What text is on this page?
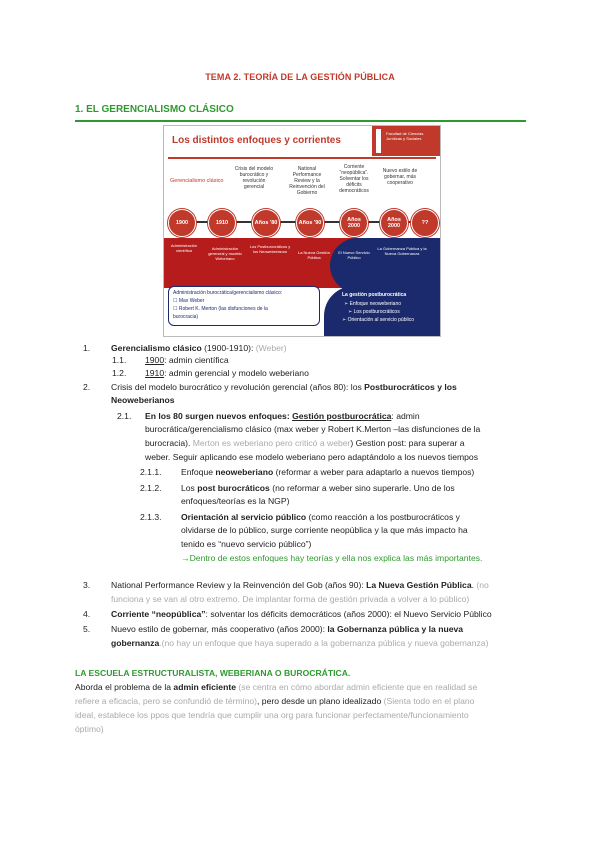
TEMA 2. TEORÍA DE LA GESTIÓN PÚBLICA
1. EL GERENCIALISMO CLÁSICO
Los distintos enfoques y corrientes
Facultad de Ciencias Jurídicas y Sociales
Crisis del modelo burocrático y revolución gerencial
National Performance Review y la Reinvención del Gobierno
Corriente “neopública”. Solventar los déficits democráticos
Nuevo estilo de gobernar, más cooperativo
Gerencialismo clásico
1900	1910	Años '80	Años '90	Años 2000
Años 2000	??
Administración científica	Administración gerencial y modelo Weberiano
Los Postburocráticos y los Neoweberianos	La Nueva Gestión Pública
El Nuevo Servicio Público
La Gobernanza Pública y la Nueva Gobernanza
Administración burocrática/gerencialismo clásico:
☐ Max Weber
☐ Robert K. Merton (las disfunciones de la
burocracia)
La gestión postburocrática
➢ Enfoque neoweberiano
➢ Los postburocráticos
➢ Orientación al servicio público
1. Gerencialismo clásico (1900-1910): (Weber)
1.1. 1900: admin científica
1.2. 1910: admin gerencial y modelo weberiano
2. Crisis del modelo burocrático y revolución gerencial (años 80): los Postburocráticos y los
Neoweberianos
2.1. En los 80 surgen nuevos enfoques: Gestión postburocrática: admin
burocrática/gerencialismo clásico (max weber y Robert K.Merton –las disfunciones de la
burocracia). Merton es weberiano pero criticó a weber) Gestion post: para superar a
weber. Seguir aplicando ese modelo weberiano pero adaptándolo a los nuevos tiempos
2.1.1. Enfoque neoweberiano (reformar a weber para adaptarlo a nuevos tiempos)
2.1.2. Los post burocráticos (no reformar a weber sino superarle. Uno de los
enfoques/teorías es la NGP)
2.1.3. Orientación al servicio público (como reacción a los postburocráticos y
olvidarse de lo público, surge corriente neopública y la que más impacto ha
tenido es “nuevo servicio público”)
→Dentro de estos enfoques hay teorías y ella nos explica las más importantes.
3. National Performance Review y la Reinvención del Gob (años 90): La Nueva Gestión Pública. (no
funciona y se van al otro extremo. De implantar forma de gestión privada a volver a lo público)
4. Corriente “neopública”: solventar los déficits democráticos (años 2000): el Nuevo Servicio Público
5. Nuevo estilo de gobernar, más cooperativo (años 2000): la Gobernanza pública y la nueva
gobernanza.(no hay un enfoque que haya superado a la gobernanza pública y nueva gobernanza)
LA ESCUELA ESTRUCTURALISTA, WEBERIANA O BUROCRÁTICA.
Aborda el problema de la admin eficiente (se centra en cómo abordar admin eficiente que en realidad se
refiere a eficacia, pero se confundió de término), pero desde un plano idealizado (Sienta todo en el plano
ideal, establece los ppos que tendría que cumplir una org para funcionar perfectamente/funcionamiento
óptimo)
